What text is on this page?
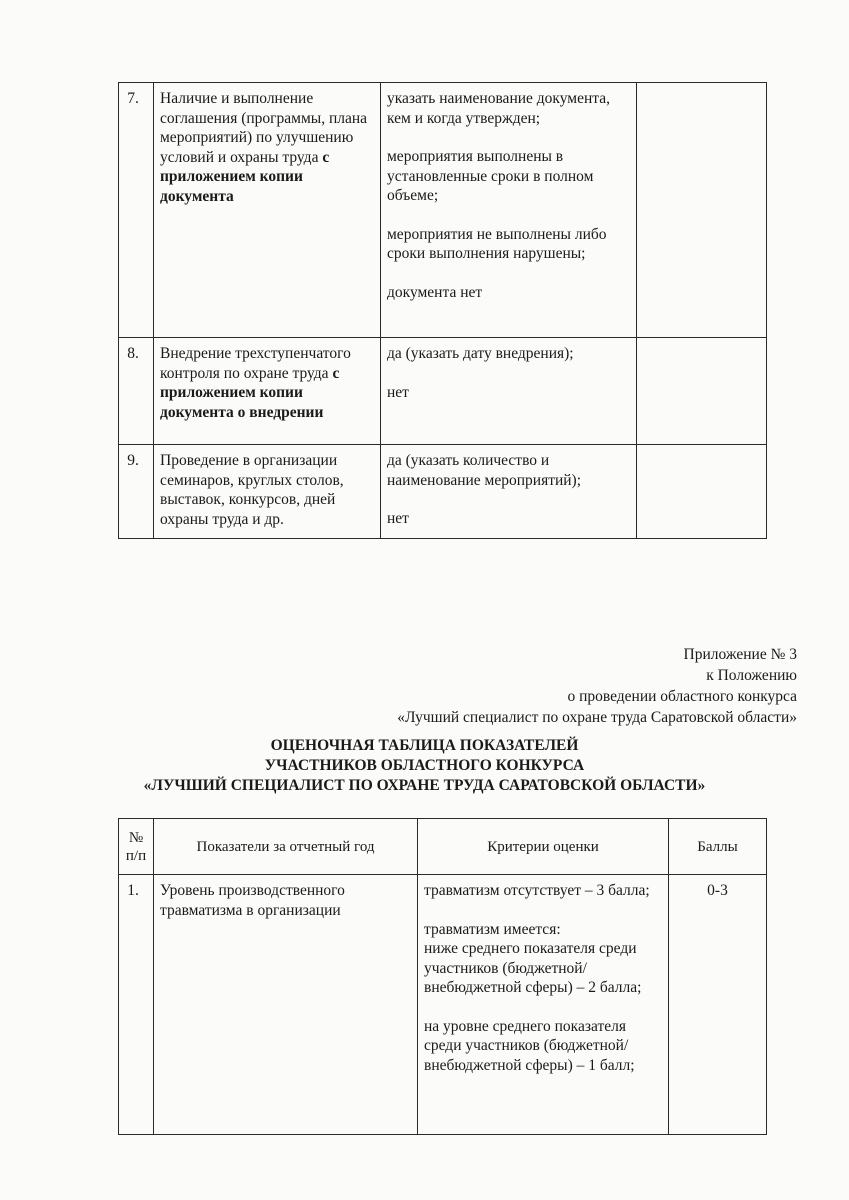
7.	Наличие и выполнение соглашения (программы, плана мероприятий) по улучшению условий и охраны труда с приложением копии документа	указать наименование документа, кем и когда утвержден;
мероприятия выполнены в установленные сроки в полном объеме;
мероприятия не выполнены либо сроки выполнения нарушены;
документа нет	

8.	Внедрение трехступенчатого контроля по охране труда с приложением копии документа о внедрении	да (указать дату внедрения);
нет	

9.	Проведение в организации семинаров, круглых столов, выставок, конкурсов, дней охраны труда и др.	да (указать количество и наименование мероприятий);
нет	

Приложение № 3
к Положению
о проведении областного конкурса
«Лучший специалист по охране труда Саратовской области»
ОЦЕНОЧНАЯ ТАБЛИЦА ПОКАЗАТЕЛЕЙ
УЧАСТНИКОВ ОБЛАСТНОГО КОНКУРСА
«ЛУЧШИЙ СПЕЦИАЛИСТ ПО ОХРАНЕ ТРУДА САРАТОВСКОЙ ОБЛАСТИ»
№
п/п	Показатели за отчетный год	Критерии оценки	Баллы
1.	Уровень производственного травматизма в организации	травматизм отсутствует – 3 балла;
травматизм имеется:
ниже среднего показателя среди участников (бюджетной/внебюджетной сферы) – 2 балла;
на уровне среднего показателя среди участников (бюджетной/ внебюджетной сферы) – 1 балл;	0-3
